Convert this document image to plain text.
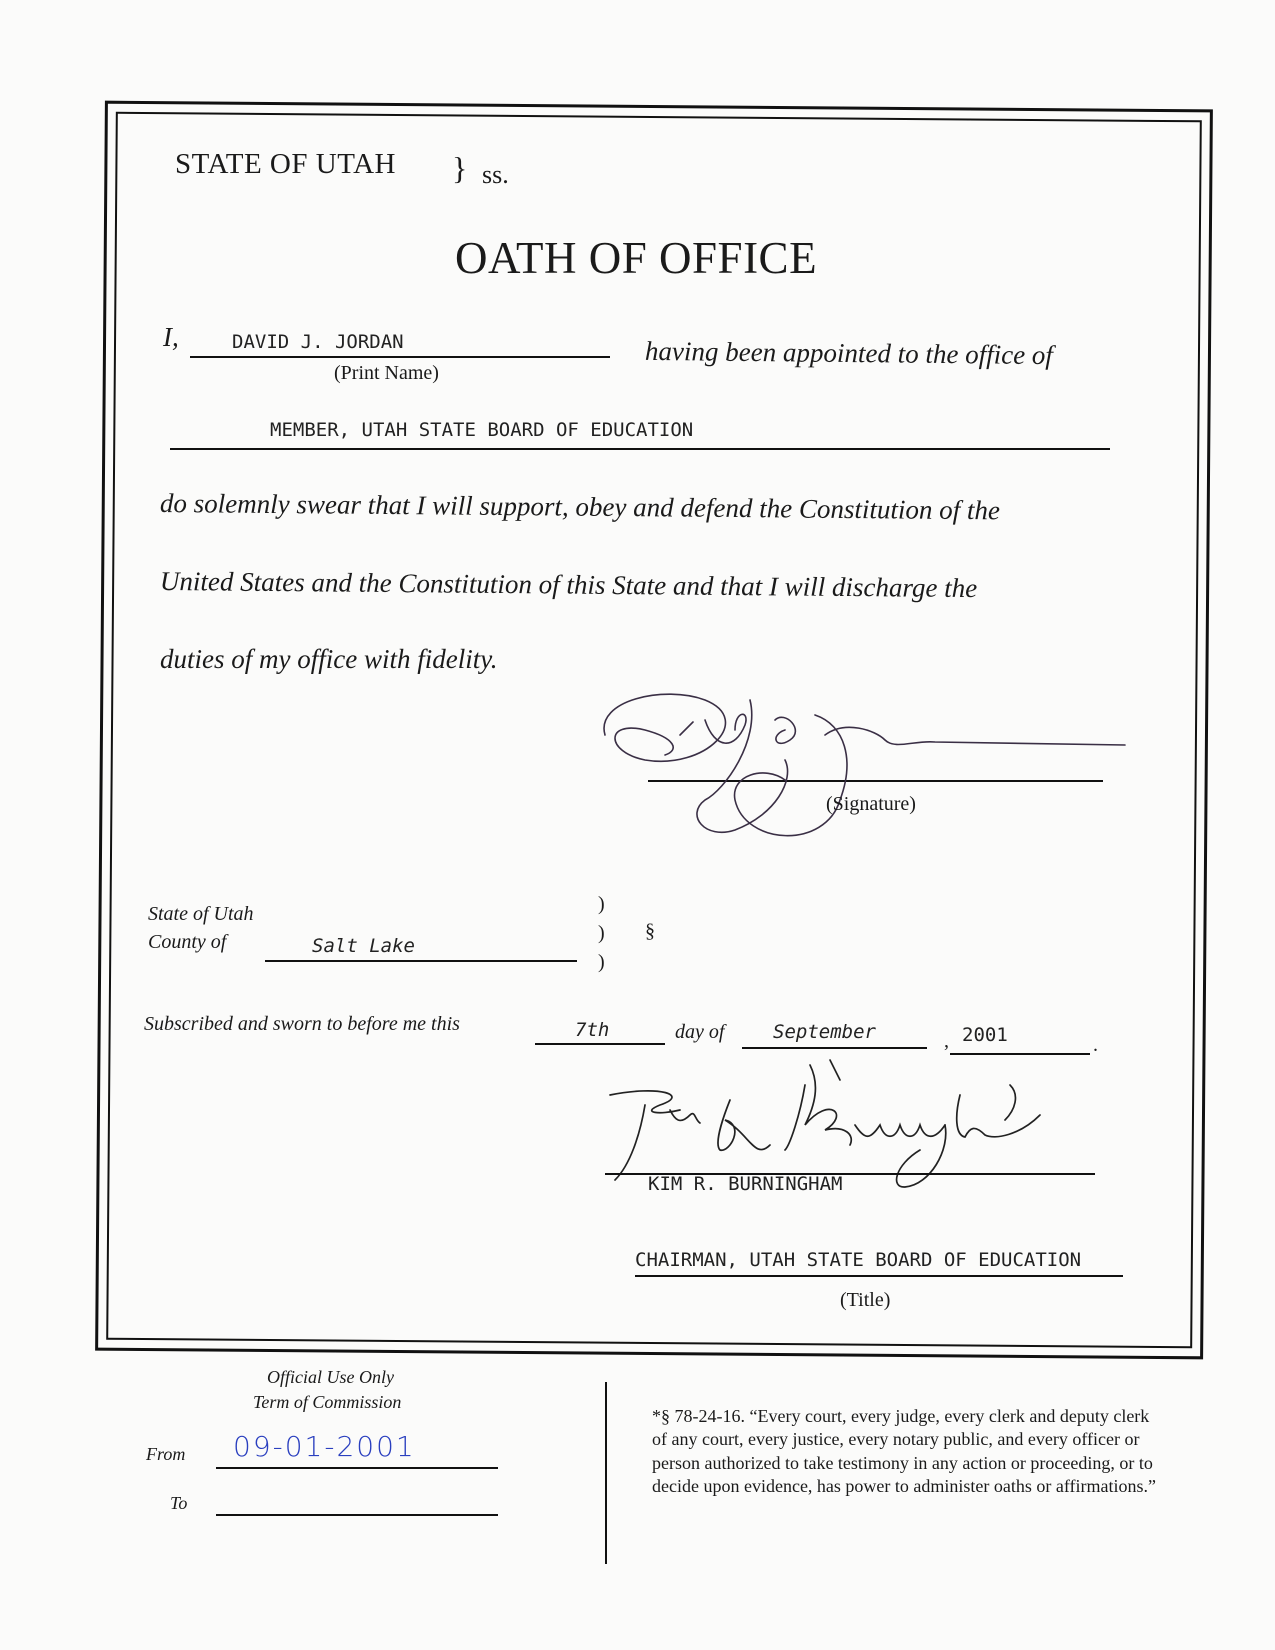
STATE OF UTAH } ss.
OATH OF OFFICE
I,	DAVID J. JORDAN
(Print Name)
having been appointed to the office of
MEMBER, UTAH STATE BOARD OF EDUCATION
do solemnly swear that I will support, obey and defend the Constitution of the
United States and the Constitution of this State and that I will discharge the
duties of my office with fidelity.
(Signature)
State of Utah
County of	Salt Lake
)
)
)
§
Subscribed and sworn to before me this	7th	day of	September	, 2001	.
KIM R. BURNINGHAM
CHAIRMAN, UTAH STATE BOARD OF EDUCATION
(Title)
Official Use Only
Term of Commission
From 09-01-2001
To
*§ 78-24-16. “Every court, every judge, every clerk and deputy clerk of any court, every justice, every notary public, and every officer or person authorized to take testimony in any action or proceeding, or to decide upon evidence, has power to administer oaths or affirmations.”
